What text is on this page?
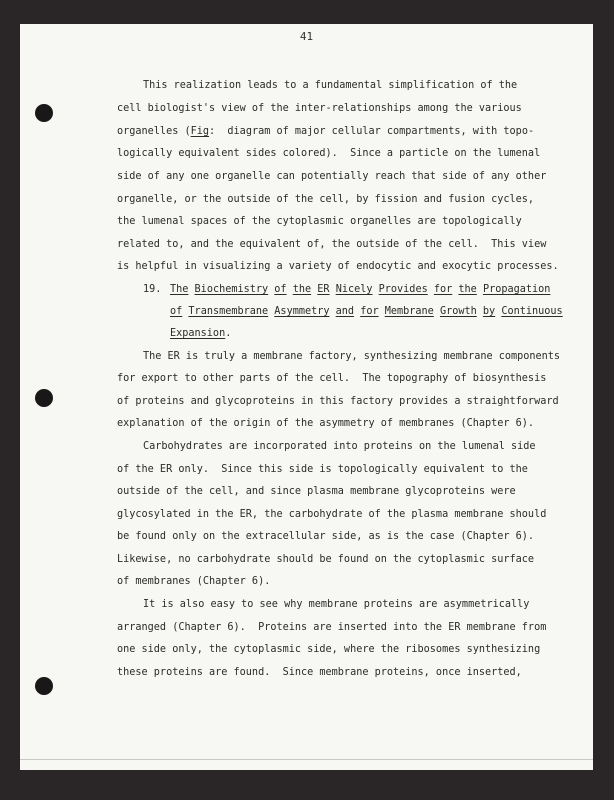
41
This realization leads to a fundamental simplification of the
cell biologist's view of the inter-relationships among the various
organelles (Fig:  diagram of major cellular compartments, with topo-
logically equivalent sides colored).  Since a particle on the lumenal
side of any one organelle can potentially reach that side of any other
organelle, or the outside of the cell, by fission and fusion cycles,
the lumenal spaces of the cytoplasmic organelles are topologically
related to, and the equivalent of, the outside of the cell.  This view
is helpful in visualizing a variety of endocytic and exocytic processes.
19. The Biochemistry of the ER Nicely Provides for the Propagation
of Transmembrane Asymmetry and for Membrane Growth by Continuous
Expansion.
The ER is truly a membrane factory, synthesizing membrane components
for export to other parts of the cell.  The topography of biosynthesis
of proteins and glycoproteins in this factory provides a straightforward
explanation of the origin of the asymmetry of membranes (Chapter 6).
Carbohydrates are incorporated into proteins on the lumenal side
of the ER only.  Since this side is topologically equivalent to the
outside of the cell, and since plasma membrane glycoproteins were
glycosylated in the ER, the carbohydrate of the plasma membrane should
be found only on the extracellular side, as is the case (Chapter 6).
Likewise, no carbohydrate should be found on the cytoplasmic surface
of membranes (Chapter 6).
It is also easy to see why membrane proteins are asymmetrically
arranged (Chapter 6).  Proteins are inserted into the ER membrane from
one side only, the cytoplasmic side, where the ribosomes synthesizing
these proteins are found.  Since membrane proteins, once inserted,
